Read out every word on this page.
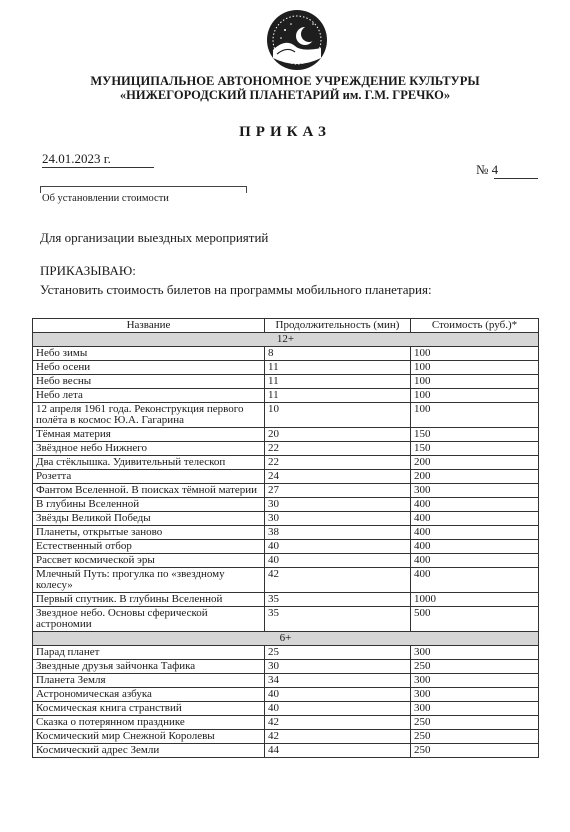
МУНИЦИПАЛЬНОЕ АВТОНОМНОЕ УЧРЕЖДЕНИЕ КУЛЬТУРЫ
«НИЖЕГОРОДСКИЙ ПЛАНЕТАРИЙ им. Г.М. ГРЕЧКО»
ПРИКАЗ
24.01.2023 г.
№ 4
Об установлении стоимости
Для организации выездных мероприятий
ПРИКАЗЫВАЮ:
Установить стоимость билетов на программы мобильного планетария:
Название	Продолжительность (мин)	Стоимость (руб.)*
12+		
Небо зимы	8	100
Небо осени	11	100
Небо весны	11	100
Небо лета	11	100
12 апреля 1961 года. Реконструкция первого полёта в космос Ю.А. Гагарина	10	100
Тёмная материя	20	150
Звёздное небо Нижнего	22	150
Два стёклышка. Удивительный телескоп	22	200
Розетта	24	200
Фантом Вселенной. В поисках тёмной материи	27	300
В глубины Вселенной	30	400
Звёзды Великой Победы	30	400
Планеты, открытые заново	38	400
Естественный отбор	40	400
Рассвет космической эры	40	400
Млечный Путь: прогулка по «звездному колесу»	42	400
Первый спутник. В глубины Вселенной	35	1000
Звездное небо. Основы сферической астрономии	35	500
6+		
Парад планет	25	300
Звездные друзья зайчонка Тафика	30	250
Планета Земля	34	300
Астрономическая азбука	40	300
Космическая книга странствий	40	300
Сказка о потерянном празднике	42	250
Космический мир Снежной Королевы	42	250
Космический адрес Земли	44	250
